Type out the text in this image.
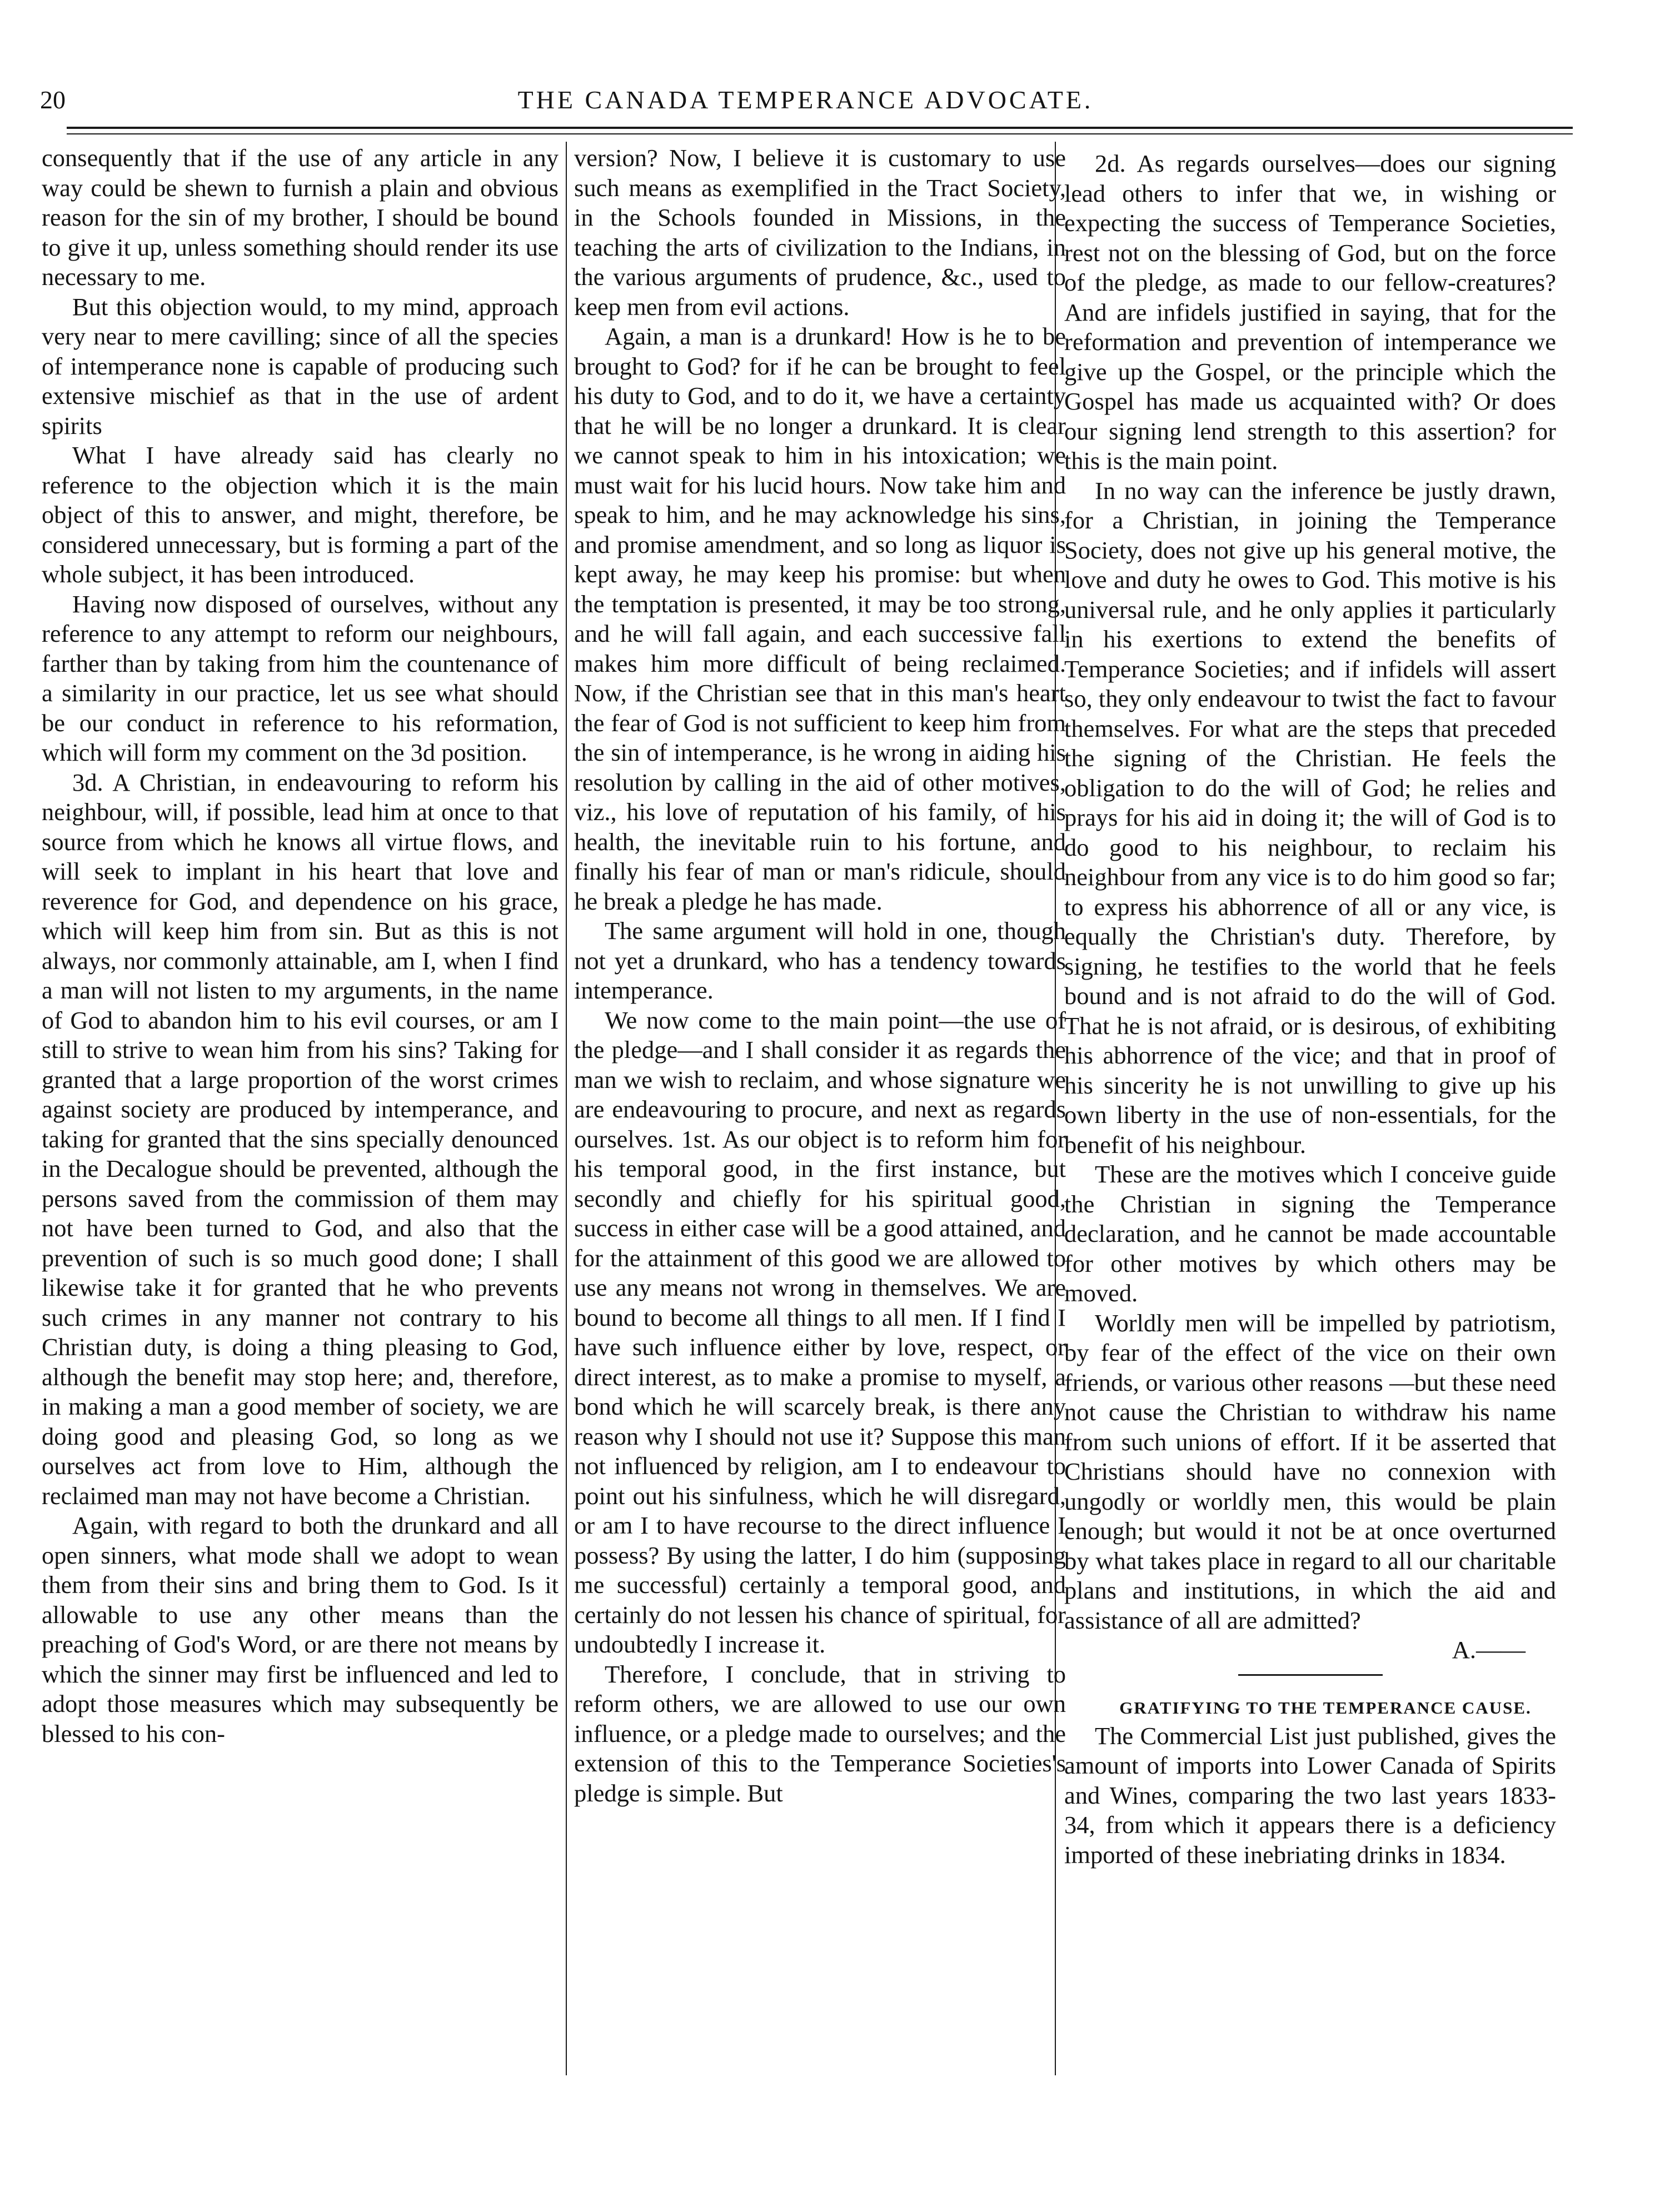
20	THE CANADA TEMPERANCE ADVOCATE.

consequently that if the use of any article in any way could be shewn to furnish a plain and obvious reason for the sin of my brother, I should be bound to give it up, unless something should render its use necessary to me.

But this objection would, to my mind, approach very near to mere cavilling; since of all the species of intemperance none is capable of producing such extensive mischief as that in the use of ardent spirits

What I have already said has clearly no reference to the objection which it is the main object of this to answer, and might, therefore, be considered unnecessary, but is forming a part of the whole subject, it has been introduced.

Having now disposed of ourselves, without any reference to any attempt to reform our neighbours, farther than by taking from him the countenance of a similarity in our practice, let us see what should be our conduct in reference to his reformation, which will form my comment on the 3d position.

3d. A Christian, in endeavouring to reform his neighbour, will, if possible, lead him at once to that source from which he knows all virtue flows, and will seek to implant in his heart that love and reverence for God, and dependence on his grace, which will keep him from sin. But as this is not always, nor commonly attainable, am I, when I find a man will not listen to my arguments, in the name of God to abandon him to his evil courses, or am I still to strive to wean him from his sins? Taking for granted that a large proportion of the worst crimes against society are produced by intemperance, and taking for granted that the sins specially denounced in the Decalogue should be prevented, although the persons saved from the commission of them may not have been turned to God, and also that the prevention of such is so much good done; I shall likewise take it for granted that he who prevents such crimes in any manner not contrary to his Christian duty, is doing a thing pleasing to God, although the benefit may stop here; and, therefore, in making a man a good member of society, we are doing good and pleasing God, so long as we ourselves act from love to Him, although the reclaimed man may not have become a Christian.

Again, with regard to both the drunkard and all open sinners, what mode shall we adopt to wean them from their sins and bring them to God. Is it allowable to use any other means than the preaching of God's Word, or are there not means by which the sinner may first be influenced and led to adopt those measures which may subsequently be blessed to his con-

version? Now, I believe it is customary to use such means as exemplified in the Tract Society, in the Schools founded in Missions, in the teaching the arts of civilization to the Indians, in the various arguments of prudence, &c., used to keep men from evil actions.

Again, a man is a drunkard! How is he to be brought to God? for if he can be brought to feel his duty to God, and to do it, we have a certainty that he will be no longer a drunkard. It is clear we cannot speak to him in his intoxication; we must wait for his lucid hours. Now take him and speak to him, and he may acknowledge his sins, and promise amendment, and so long as liquor is kept away, he may keep his promise: but when the temptation is presented, it may be too strong, and he will fall again, and each successive fall makes him more difficult of being reclaimed. Now, if the Christian see that in this man's heart the fear of God is not sufficient to keep him from the sin of intemperance, is he wrong in aiding his resolution by calling in the aid of other motives, viz., his love of reputation of his family, of his health, the inevitable ruin to his fortune, and finally his fear of man or man's ridicule, should he break a pledge he has made.

The same argument will hold in one, though not yet a drunkard, who has a tendency towards intemperance.

We now come to the main point—the use of the pledge—and I shall consider it as regards the man we wish to reclaim, and whose signature we are endeavouring to procure, and next as regards ourselves. 1st. As our object is to reform him for his temporal good, in the first instance, but secondly and chiefly for his spiritual good, success in either case will be a good attained, and for the attainment of this good we are allowed to use any means not wrong in themselves. We are bound to become all things to all men. If I find I have such influence either by love, respect, or direct interest, as to make a promise to myself, a bond which he will scarcely break, is there any reason why I should not use it? Suppose this man not influenced by religion, am I to endeavour to point out his sinfulness, which he will disregard, or am I to have recourse to the direct influence I possess? By using the latter, I do him (supposing me successful) certainly a temporal good, and certainly do not lessen his chance of spiritual, for undoubtedly I increase it.

Therefore, I conclude, that in striving to reform others, we are allowed to use our own influence, or a pledge made to ourselves; and the extension of this to the Temperance Societies's pledge is simple. But

2d. As regards ourselves—does our signing lead others to infer that we, in wishing or expecting the success of Temperance Societies, rest not on the blessing of God, but on the force of the pledge, as made to our fellow-creatures? And are infidels justified in saying, that for the reformation and prevention of intemperance we give up the Gospel, or the principle which the Gospel has made us acquainted with? Or does our signing lend strength to this assertion? for this is the main point.

In no way can the inference be justly drawn, for a Christian, in joining the Temperance Society, does not give up his general motive, the love and duty he owes to God. This motive is his universal rule, and he only applies it particularly in his exertions to extend the benefits of Temperance Societies; and if infidels will assert so, they only endeavour to twist the fact to favour themselves. For what are the steps that preceded the signing of the Christian. He feels the obligation to do the will of God; he relies and prays for his aid in doing it; the will of God is to do good to his neighbour, to reclaim his neighbour from any vice is to do him good so far; to express his abhorrence of all or any vice, is equally the Christian's duty. Therefore, by signing, he testifies to the world that he feels bound and is not afraid to do the will of God. That he is not afraid, or is desirous, of exhibiting his abhorrence of the vice; and that in proof of his sincerity he is not unwilling to give up his own liberty in the use of non-essentials, for the benefit of his neighbour.

These are the motives which I conceive guide the Christian in signing the Temperance declaration, and he cannot be made accountable for other motives by which others may be moved.

Worldly men will be impelled by patriotism, by fear of the effect of the vice on their own friends, or various other reasons —but these need not cause the Christian to withdraw his name from such unions of effort. If it be asserted that Christians should have no connexion with ungodly or worldly men, this would be plain enough; but would it not be at once overturned by what takes place in regard to all our charitable plans and institutions, in which the aid and assistance of all are admitted?

A.——

GRATIFYING TO THE TEMPERANCE CAUSE.

The Commercial List just published, gives the amount of imports into Lower Canada of Spirits and Wines, comparing the two last years 1833-34, from which it appears there is a deficiency imported of these inebriating drinks in 1834.
